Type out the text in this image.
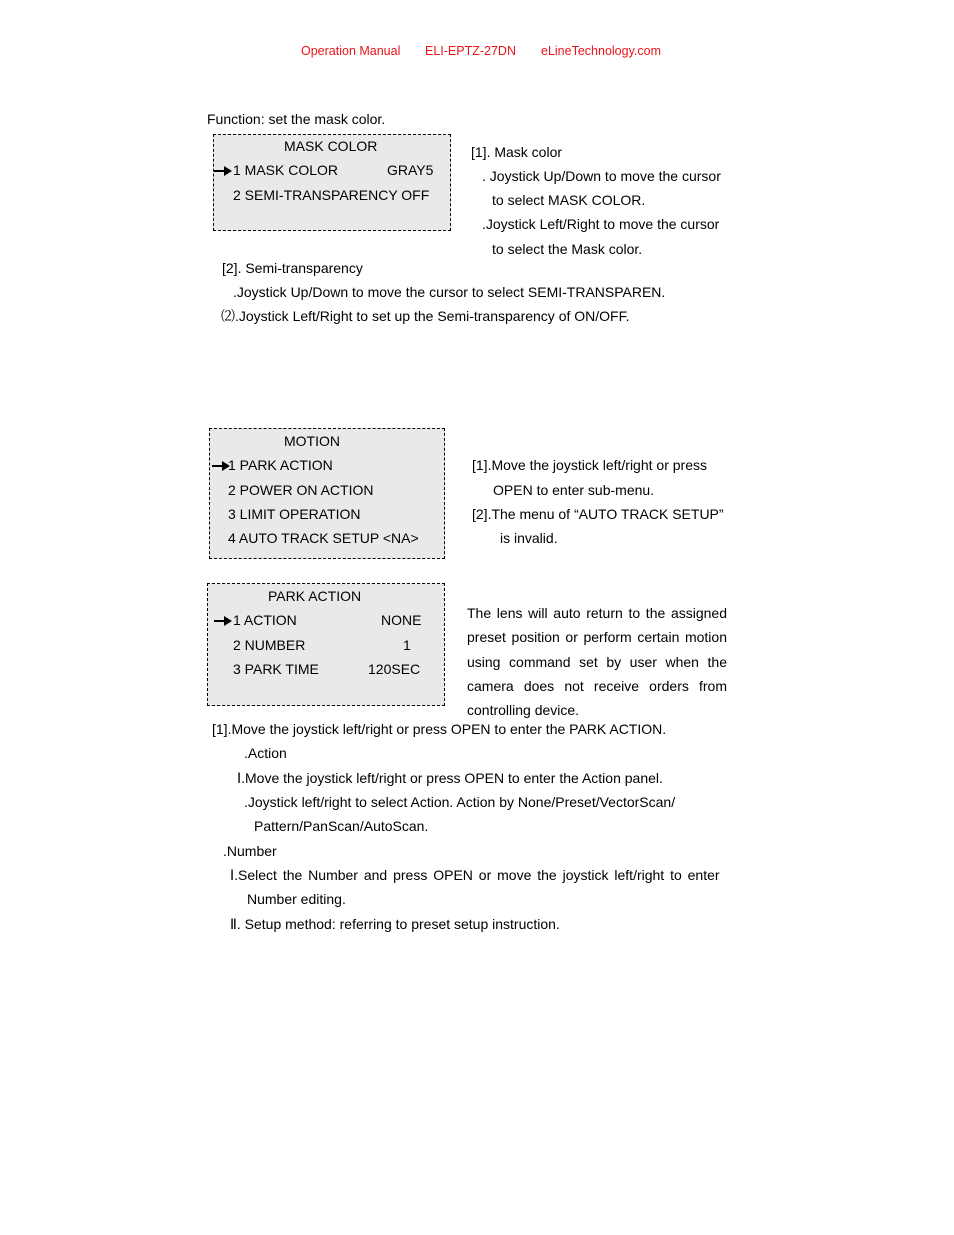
Operation Manual ELI-EPTZ-27DN eLineTechnology.com
Function: set the mask color.
MASK COLOR
1 MASK COLOR	GRAY5
2 SEMI-TRANSPARENCY OFF
[1]. Mask color
. Joystick Up/Down to move the cursor
to select MASK COLOR.
.Joystick Left/Right to move the cursor
to select the Mask color.
[2]. Semi-transparency
.Joystick Up/Down to move the cursor to select SEMI-TRANSPAREN.
⑵.Joystick Left/Right to set up the Semi-transparency of ON/OFF.
MOTION
1 PARK ACTION
2 POWER ON ACTION
3 LIMIT OPERATION
4 AUTO TRACK SETUP <NA>
[1].Move the joystick left/right or press
OPEN to enter sub-menu.
[2].The menu of “AUTO TRACK SETUP”
is invalid.
PARK ACTION
1 ACTION	NONE
2 NUMBER	1
3 PARK TIME	120SEC
The lens will auto return to the assigned
preset position or perform certain motion
using command set by user when the
camera does not receive orders from
controlling device.
[1].Move the joystick left/right or press OPEN to enter the PARK ACTION.
.Action
Ⅰ.Move the joystick left/right or press OPEN to enter the Action panel.
.Joystick left/right to select Action. Action by None/Preset/VectorScan/
Pattern/PanScan/AutoScan.
.Number
Ⅰ.Select the Number and press OPEN or move the joystick left/right to enter
Number editing.
Ⅱ. Setup method: referring to preset setup instruction.
